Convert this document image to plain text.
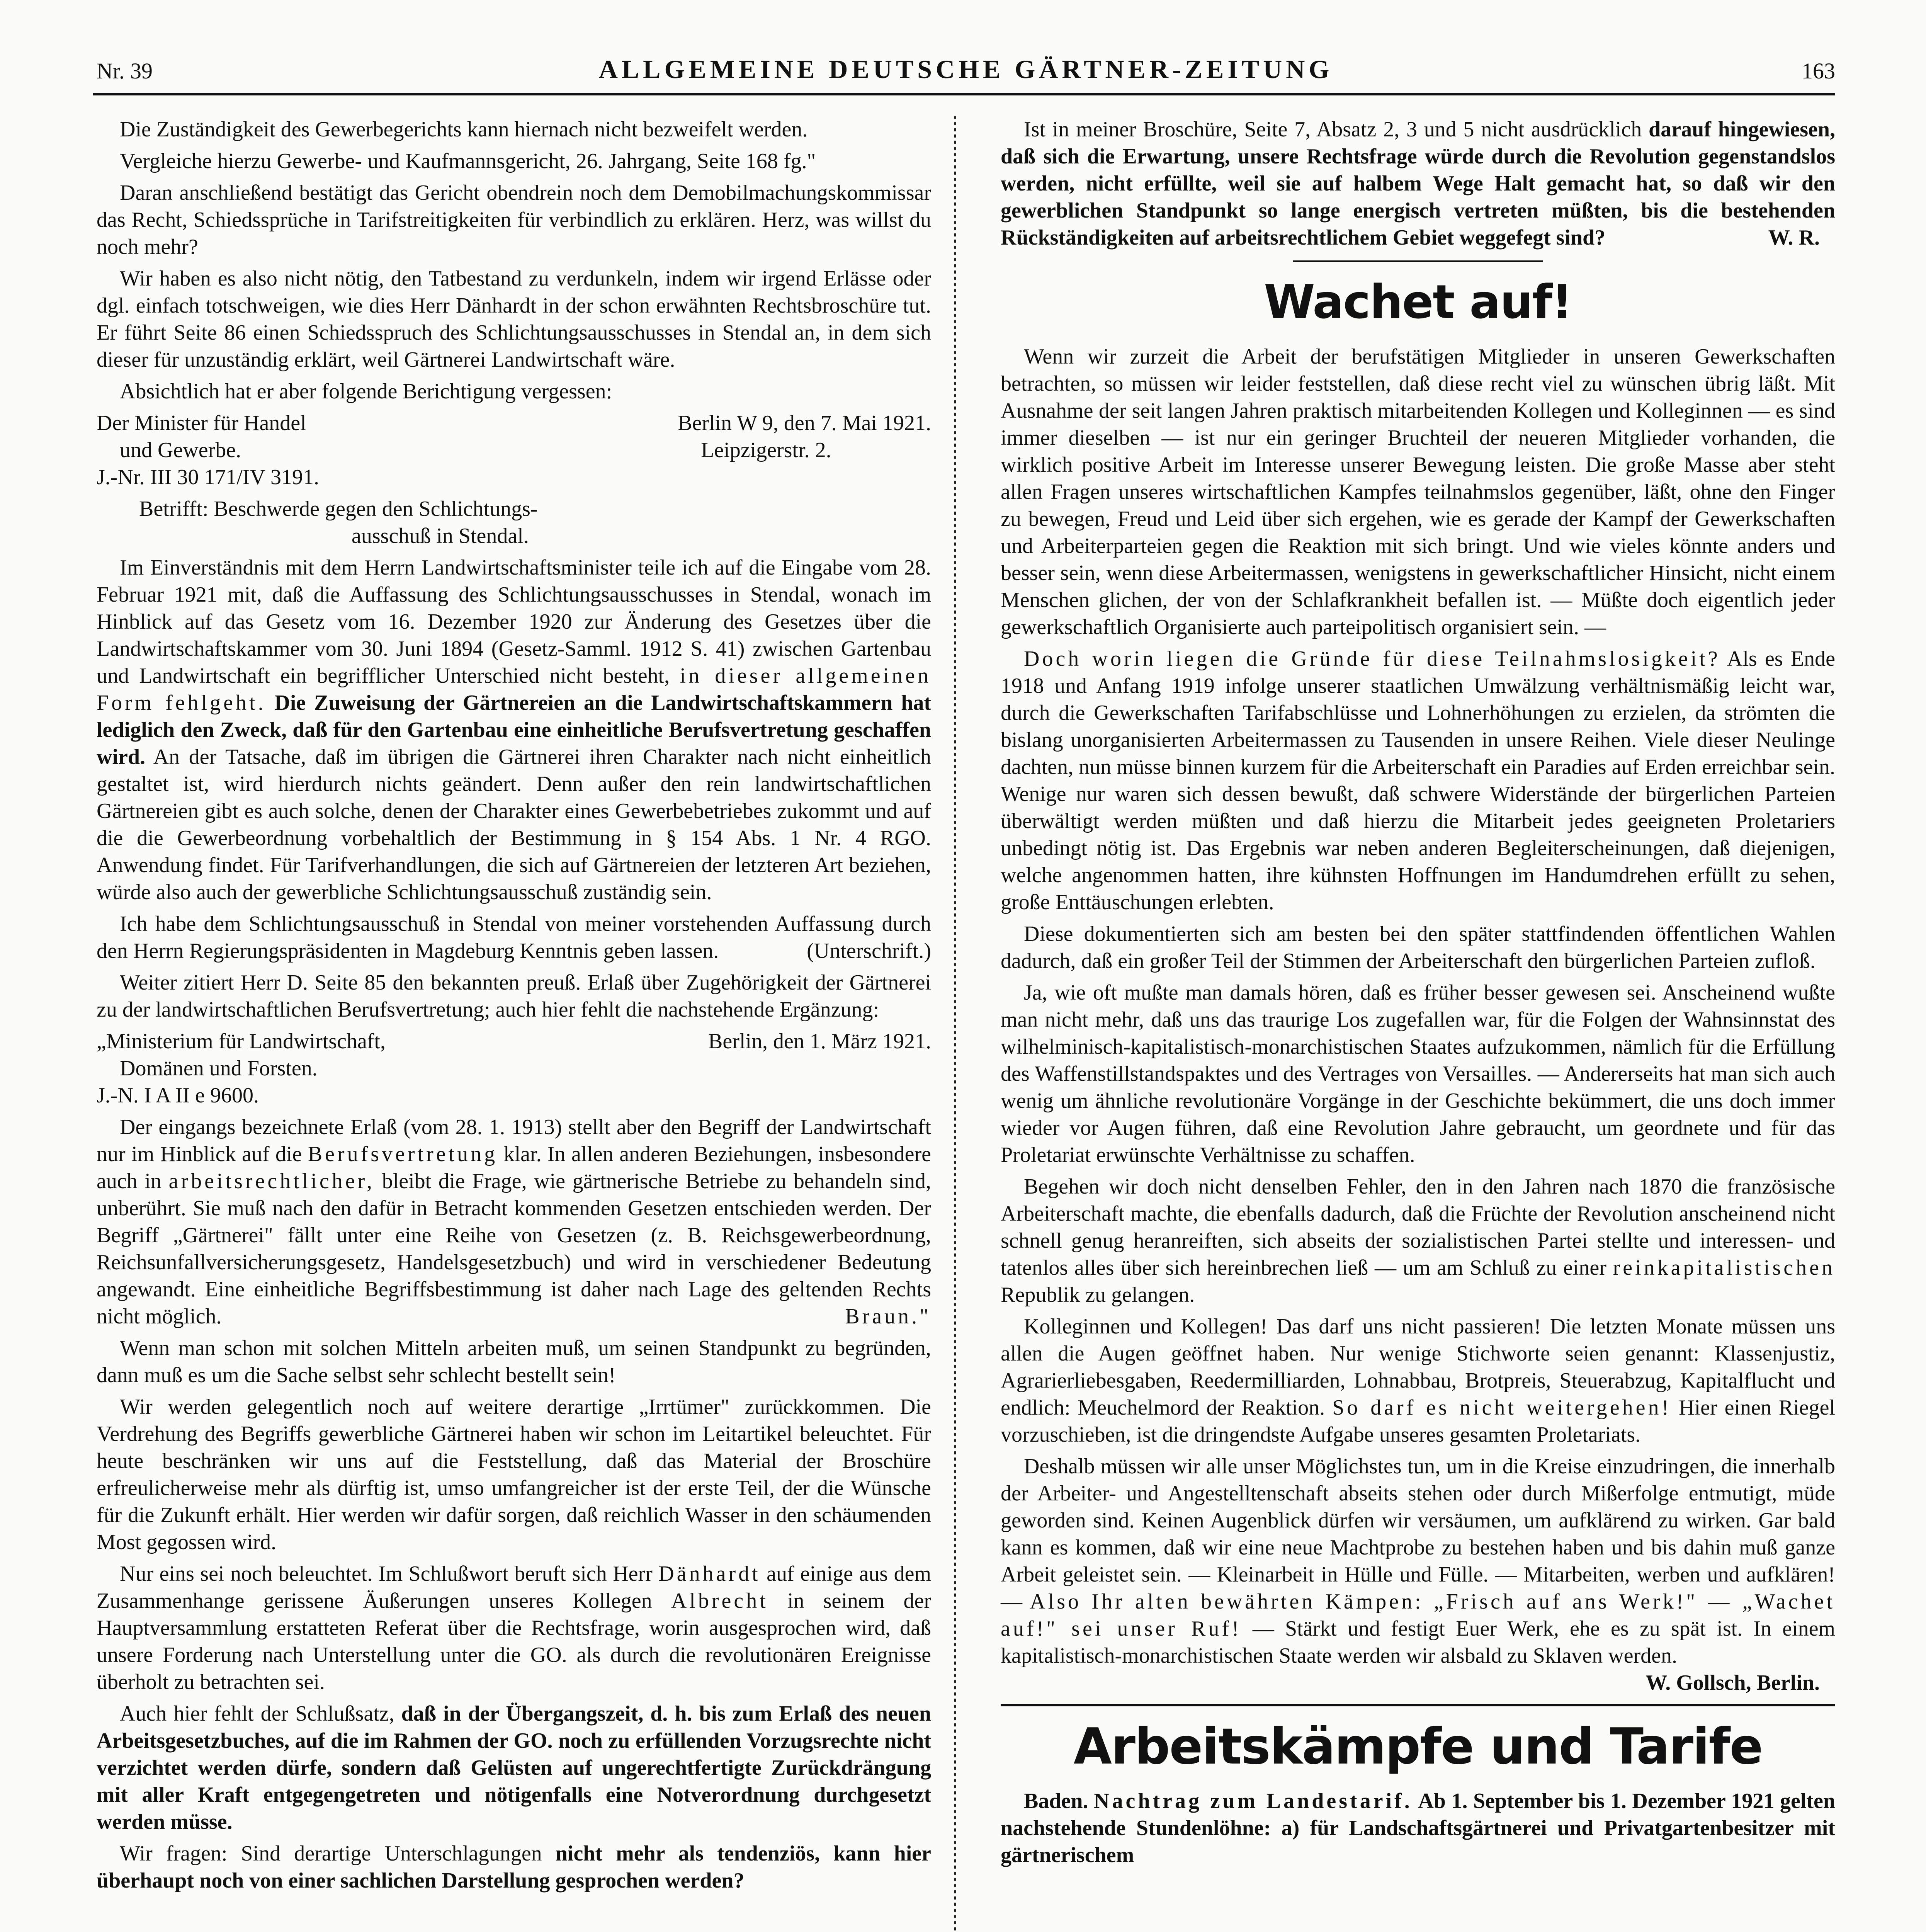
Nr. 39	ALLGEMEINE DEUTSCHE GÄRTNER-ZEITUNG	163

Die Zuständigkeit des Gewerbegerichts kann hiernach nicht bezweifelt werden.

Vergleiche hierzu Gewerbe- und Kaufmannsgericht, 26. Jahrgang, Seite 168 fg."

Daran anschließend bestätigt das Gericht obendrein noch dem Demobilmachungskommissar das Recht, Schiedssprüche in Tarifstreitigkeiten für verbindlich zu erklären. Herz, was willst du noch mehr?

Wir haben es also nicht nötig, den Tatbestand zu verdunkeln, indem wir irgend Erlässe oder dgl. einfach totschweigen, wie dies Herr Dänhardt in der schon erwähnten Rechtsbroschüre tut. Er führt Seite 86 einen Schiedsspruch des Schlichtungsausschusses in Stendal an, in dem sich dieser für unzuständig erklärt, weil Gärtnerei Landwirtschaft wäre.

Absichtlich hat er aber folgende Berichtigung vergessen:

Der Minister für Handel
und Gewerbe.
Berlin W 9, den 7. Mai 1921.
Leipzigerstr. 2.

J.-Nr. III 30 171/IV 3191.

Betrifft: Beschwerde gegen den Schlichtungs-

ausschuß in Stendal.

Im Einverständnis mit dem Herrn Landwirtschaftsminister teile ich auf die Eingabe vom 28. Februar 1921 mit, daß die Auffassung des Schlichtungsausschusses in Stendal, wonach im Hinblick auf das Gesetz vom 16. Dezember 1920 zur Änderung des Gesetzes über die Landwirtschaftskammer vom 30. Juni 1894 (Gesetz-Samml. 1912 S. 41) zwischen Gartenbau und Landwirtschaft ein begrifflicher Unterschied nicht besteht, in dieser allgemeinen Form fehlgeht. Die Zuweisung der Gärtnereien an die Landwirtschaftskammern hat lediglich den Zweck, daß für den Gartenbau eine einheitliche Berufsvertretung geschaffen wird. An der Tatsache, daß im übrigen die Gärtnerei ihren Charakter nach nicht einheitlich gestaltet ist, wird hierdurch nichts geändert. Denn außer den rein landwirtschaftlichen Gärtnereien gibt es auch solche, denen der Charakter eines Gewerbebetriebes zukommt und auf die die Gewerbeordnung vorbehaltlich der Bestimmung in § 154 Abs. 1 Nr. 4 RGO. Anwendung findet. Für Tarifverhandlungen, die sich auf Gärtnereien der letzteren Art beziehen, würde also auch der gewerbliche Schlichtungsausschuß zuständig sein.

Ich habe dem Schlichtungsausschuß in Stendal von meiner vorstehenden Auffassung durch den Herrn Regierungspräsidenten in Magdeburg Kenntnis geben lassen.	(Unterschrift.)

Weiter zitiert Herr D. Seite 85 den bekannten preuß. Erlaß über Zugehörigkeit der Gärtnerei zu der landwirtschaftlichen Berufsvertretung; auch hier fehlt die nachstehende Ergänzung:

„Ministerium für Landwirtschaft,
Domänen und Forsten.
Berlin, den 1. März 1921.

J.-N. I A II e 9600.

Der eingangs bezeichnete Erlaß (vom 28. 1. 1913) stellt aber den Begriff der Landwirtschaft nur im Hinblick auf die Berufsvertretung klar. In allen anderen Beziehungen, insbesondere auch in arbeitsrechtlicher, bleibt die Frage, wie gärtnerische Betriebe zu behandeln sind, unberührt. Sie muß nach den dafür in Betracht kommenden Gesetzen entschieden werden. Der Begriff „Gärtnerei" fällt unter eine Reihe von Gesetzen (z. B. Reichsgewerbeordnung, Reichsunfallversicherungsgesetz, Handelsgesetzbuch) und wird in verschiedener Bedeutung angewandt. Eine einheitliche Begriffsbestimmung ist daher nach Lage des geltenden Rechts nicht möglich.	Braun."

Wenn man schon mit solchen Mitteln arbeiten muß, um seinen Standpunkt zu begründen, dann muß es um die Sache selbst sehr schlecht bestellt sein!

Wir werden gelegentlich noch auf weitere derartige „Irrtümer" zurückkommen. Die Verdrehung des Begriffs gewerbliche Gärtnerei haben wir schon im Leitartikel beleuchtet. Für heute beschränken wir uns auf die Feststellung, daß das Material der Broschüre erfreulicherweise mehr als dürftig ist, umso umfangreicher ist der erste Teil, der die Wünsche für die Zukunft erhält. Hier werden wir dafür sorgen, daß reichlich Wasser in den schäumenden Most gegossen wird.

Nur eins sei noch beleuchtet. Im Schlußwort beruft sich Herr Dänhardt auf einige aus dem Zusammenhange gerissene Äußerungen unseres Kollegen Albrecht in seinem der Hauptversammlung erstatteten Referat über die Rechtsfrage, worin ausgesprochen wird, daß unsere Forderung nach Unterstellung unter die GO. als durch die revolutionären Ereignisse überholt zu betrachten sei.

Auch hier fehlt der Schlußsatz, daß in der Übergangszeit, d. h. bis zum Erlaß des neuen Arbeitsgesetzbuches, auf die im Rahmen der GO. noch zu erfüllenden Vorzugsrechte nicht verzichtet werden dürfe, sondern daß Gelüsten auf ungerechtfertigte Zurückdrängung mit aller Kraft entgegengetreten und nötigenfalls eine Notverordnung durchgesetzt werden müsse.

Wir fragen: Sind derartige Unterschlagungen nicht mehr als tendenziös, kann hier überhaupt noch von einer sachlichen Darstellung gesprochen werden?

Ist in meiner Broschüre, Seite 7, Absatz 2, 3 und 5 nicht ausdrücklich darauf hingewiesen, daß sich die Erwartung, unsere Rechtsfrage würde durch die Revolution gegenstandslos werden, nicht erfüllte, weil sie auf halbem Wege Halt gemacht hat, so daß wir den gewerblichen Standpunkt so lange energisch vertreten müßten, bis die bestehenden Rückständigkeiten auf arbeitsrechtlichem Gebiet weggefegt sind?	W. R.

Wachet auf!

Wenn wir zurzeit die Arbeit der berufstätigen Mitglieder in unseren Gewerkschaften betrachten, so müssen wir leider feststellen, daß diese recht viel zu wünschen übrig läßt. Mit Ausnahme der seit langen Jahren praktisch mitarbeitenden Kollegen und Kolleginnen — es sind immer dieselben — ist nur ein geringer Bruchteil der neueren Mitglieder vorhanden, die wirklich positive Arbeit im Interesse unserer Bewegung leisten. Die große Masse aber steht allen Fragen unseres wirtschaftlichen Kampfes teilnahmslos gegenüber, läßt, ohne den Finger zu bewegen, Freud und Leid über sich ergehen, wie es gerade der Kampf der Gewerkschaften und Arbeiterparteien gegen die Reaktion mit sich bringt. Und wie vieles könnte anders und besser sein, wenn diese Arbeitermassen, wenigstens in gewerkschaftlicher Hinsicht, nicht einem Menschen glichen, der von der Schlafkrankheit befallen ist. — Müßte doch eigentlich jeder gewerkschaftlich Organisierte auch parteipolitisch organisiert sein. —

Doch worin liegen die Gründe für diese Teilnahmslosigkeit? Als es Ende 1918 und Anfang 1919 infolge unserer staatlichen Umwälzung verhältnismäßig leicht war, durch die Gewerkschaften Tarifabschlüsse und Lohnerhöhungen zu erzielen, da strömten die bislang unorganisierten Arbeitermassen zu Tausenden in unsere Reihen. Viele dieser Neulinge dachten, nun müsse binnen kurzem für die Arbeiterschaft ein Paradies auf Erden erreichbar sein. Wenige nur waren sich dessen bewußt, daß schwere Widerstände der bürgerlichen Parteien überwältigt werden müßten und daß hierzu die Mitarbeit jedes geeigneten Proletariers unbedingt nötig ist. Das Ergebnis war neben anderen Begleiterscheinungen, daß diejenigen, welche angenommen hatten, ihre kühnsten Hoffnungen im Handumdrehen erfüllt zu sehen, große Enttäuschungen erlebten.

Diese dokumentierten sich am besten bei den später stattfindenden öffentlichen Wahlen dadurch, daß ein großer Teil der Stimmen der Arbeiterschaft den bürgerlichen Parteien zufloß.

Ja, wie oft mußte man damals hören, daß es früher besser gewesen sei. Anscheinend wußte man nicht mehr, daß uns das traurige Los zugefallen war, für die Folgen der Wahnsinnstat des wilhelminisch-kapitalistisch-monarchistischen Staates aufzukommen, nämlich für die Erfüllung des Waffenstillstandspaktes und des Vertrages von Versailles. — Andererseits hat man sich auch wenig um ähnliche revolutionäre Vorgänge in der Geschichte bekümmert, die uns doch immer wieder vor Augen führen, daß eine Revolution Jahre gebraucht, um geordnete und für das Proletariat erwünschte Verhältnisse zu schaffen.

Begehen wir doch nicht denselben Fehler, den in den Jahren nach 1870 die französische Arbeiterschaft machte, die ebenfalls dadurch, daß die Früchte der Revolution anscheinend nicht schnell genug heranreiften, sich abseits der sozialistischen Partei stellte und interessen- und tatenlos alles über sich hereinbrechen ließ — um am Schluß zu einer reinkapitalistischen Republik zu gelangen.

Kolleginnen und Kollegen! Das darf uns nicht passieren! Die letzten Monate müssen uns allen die Augen geöffnet haben. Nur wenige Stichworte seien genannt: Klassenjustiz, Agrarierliebesgaben, Reedermilliarden, Lohnabbau, Brotpreis, Steuerabzug, Kapitalflucht und endlich: Meuchelmord der Reaktion. So darf es nicht weitergehen! Hier einen Riegel vorzuschieben, ist die dringendste Aufgabe unseres gesamten Proletariats.

Deshalb müssen wir alle unser Möglichstes tun, um in die Kreise einzudringen, die innerhalb der Arbeiter- und Angestelltenschaft abseits stehen oder durch Mißerfolge entmutigt, müde geworden sind. Keinen Augenblick dürfen wir versäumen, um aufklärend zu wirken. Gar bald kann es kommen, daß wir eine neue Machtprobe zu bestehen haben und bis dahin muß ganze Arbeit geleistet sein. — Kleinarbeit in Hülle und Fülle. — Mitarbeiten, werben und aufklären! — Also Ihr alten bewährten Kämpen: „Frisch auf ans Werk!" — „Wachet auf!" sei unser Ruf! — Stärkt und festigt Euer Werk, ehe es zu spät ist. In einem kapitalistisch-monarchistischen Staate werden wir alsbald zu Sklaven werden.
W. Gollsch, Berlin.

Arbeitskämpfe und Tarife

Baden. Nachtrag zum Landestarif. Ab 1. September bis 1. Dezember 1921 gelten nachstehende Stundenlöhne: a) für Landschaftsgärtnerei und Privatgartenbesitzer mit gärtnerischem
